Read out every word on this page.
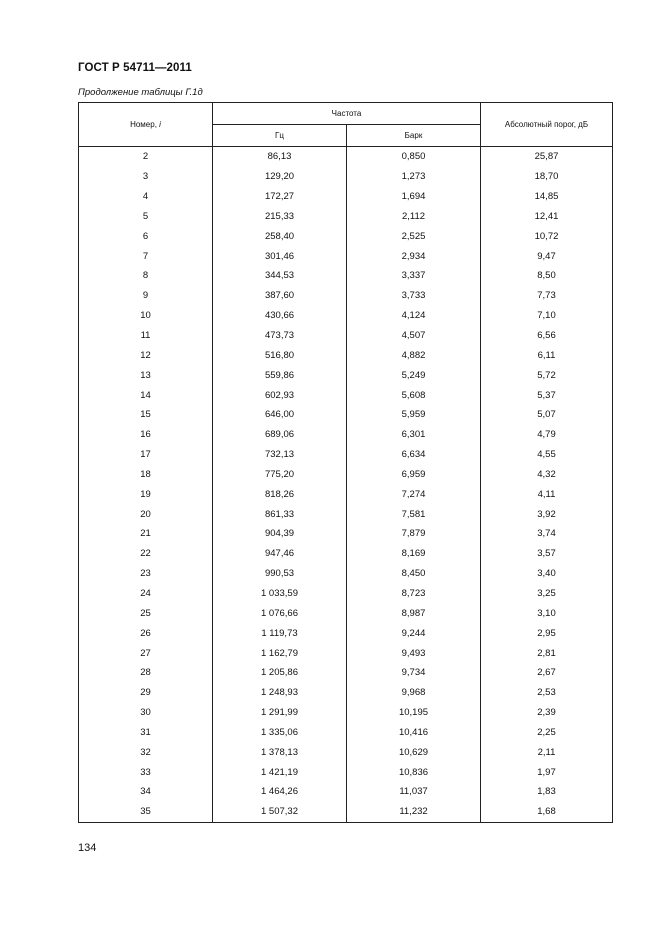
ГОСТ Р 54711—2011
Продолжение таблицы Г.1д
Номер, i	Частота		Абсолютный порог, дБ
	Гц	Барк	
2	86,13	0,850	25,87
3	129,20	1,273	18,70
4	172,27	1,694	14,85
5	215,33	2,112	12,41
6	258,40	2,525	10,72
7	301,46	2,934	9,47
8	344,53	3,337	8,50
9	387,60	3,733	7,73
10	430,66	4,124	7,10
11	473,73	4,507	6,56
12	516,80	4,882	6,11
13	559,86	5,249	5,72
14	602,93	5,608	5,37
15	646,00	5,959	5,07
16	689,06	6,301	4,79
17	732,13	6,634	4,55
18	775,20	6,959	4,32
19	818,26	7,274	4,11
20	861,33	7,581	3,92
21	904,39	7,879	3,74
22	947,46	8,169	3,57
23	990,53	8,450	3,40
24	1 033,59	8,723	3,25
25	1 076,66	8,987	3,10
26	1 119,73	9,244	2,95
27	1 162,79	9,493	2,81
28	1 205,86	9,734	2,67
29	1 248,93	9,968	2,53
30	1 291,99	10,195	2,39
31	1 335,06	10,416	2,25
32	1 378,13	10,629	2,11
33	1 421,19	10,836	1,97
34	1 464,26	11,037	1,83
35	1 507,32	11,232	1,68
134
